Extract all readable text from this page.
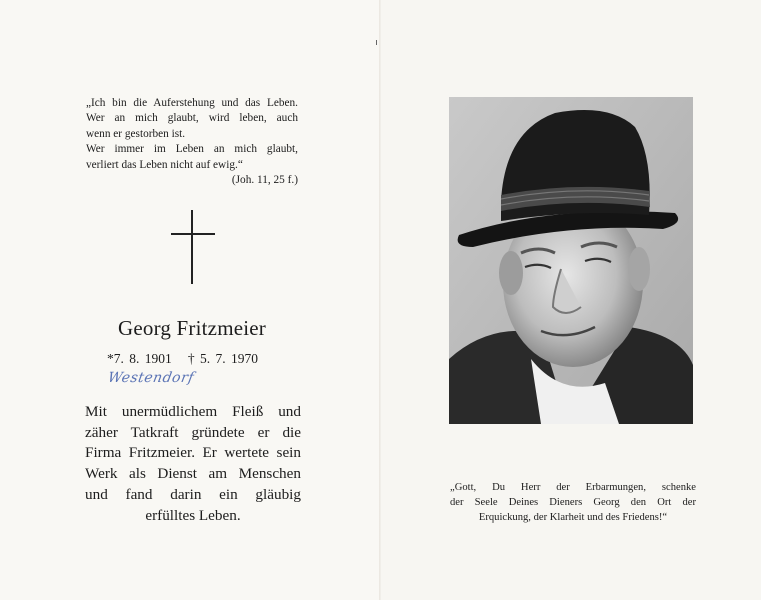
„Ich bin die Auferstehung und das Leben.
Wer an mich glaubt, wird leben, auch
wenn er gestorben ist.
Wer immer im Leben an mich glaubt,
verliert das Leben nicht auf ewig.“
(Joh. 11, 25 f.)
Georg Fritzmeier
*7. 8. 1901   † 5. 7. 1970
Westendorf
Mit unermüdlichem Fleiß und
zäher Tatkraft gründete er die
Firma Fritzmeier. Er wertete sein
Werk als Dienst am Menschen
und fand darin ein gläubig
erfülltes Leben.
„Gott, Du Herr der Erbarmungen, schenke
der Seele Deines Dieners Georg den Ort der
Erquickung, der Klarheit und des Friedens!“
